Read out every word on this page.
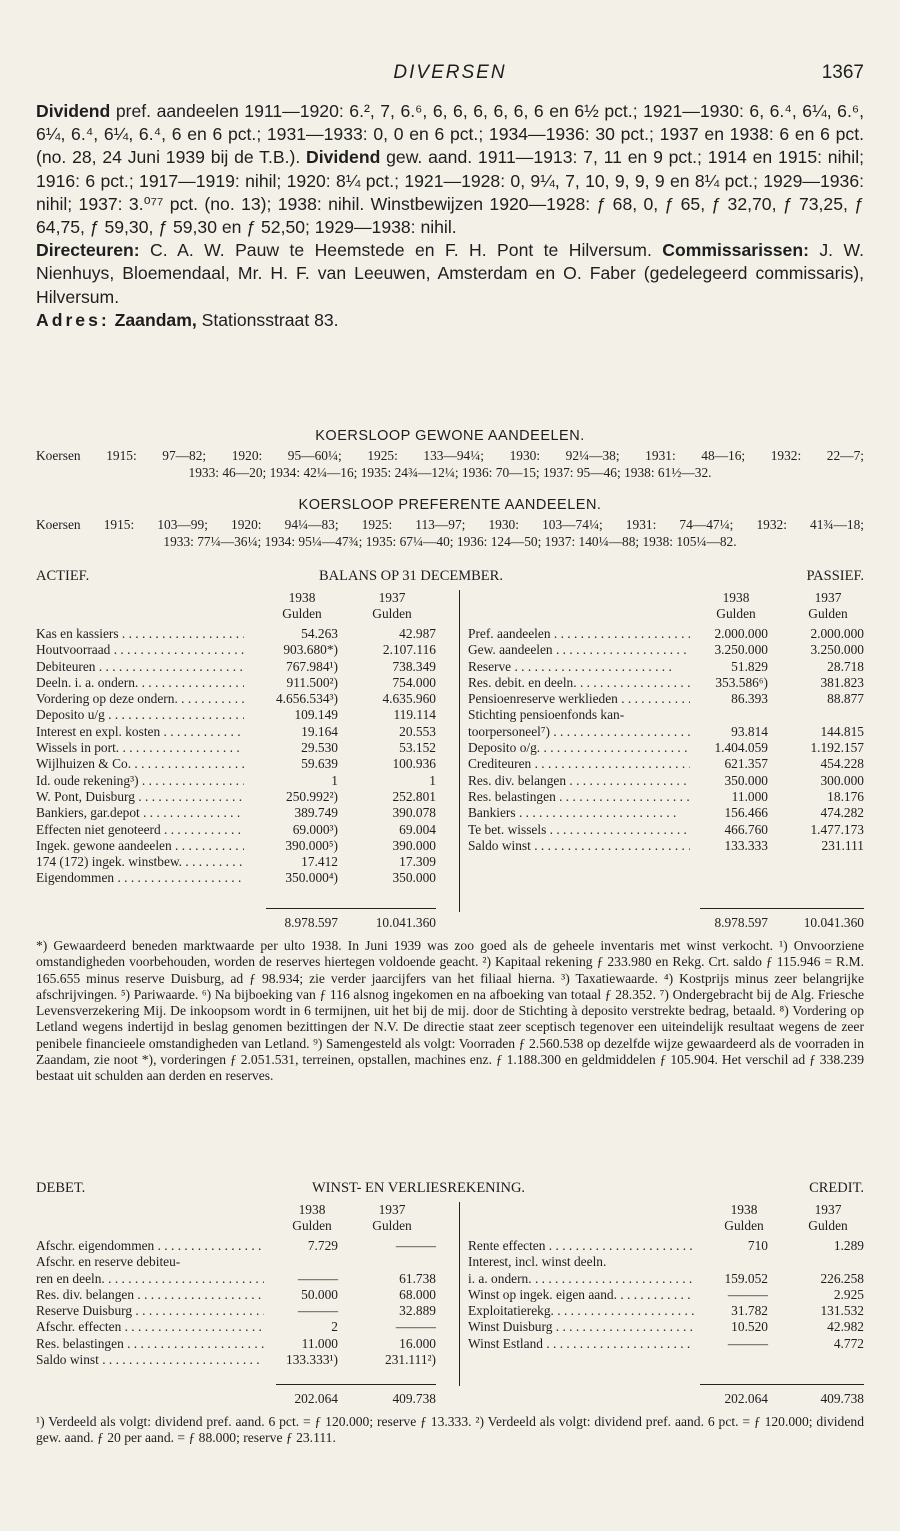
DIVERSEN	1367

Dividend pref. aandeelen 1911—1920: 6.², 7, 6.⁶, 6, 6, 6, 6, 6, 6 en 6½ pct.; 1921—1930: 6, 6.⁴, 6¼, 6.⁶, 6¼, 6.⁴, 6¼, 6.⁴, 6 en 6 pct.; 1931—1933: 0, 0 en 6 pct.; 1934—1936: 30 pct.; 1937 en 1938: 6 en 6 pct. (no. 28, 24 Juni 1939 bij de T.B.). Dividend gew. aand. 1911—1913: 7, 11 en 9 pct.; 1914 en 1915: nihil; 1916: 6 pct.; 1917—1919: nihil; 1920: 8¼ pct.; 1921—1928: 0, 9¼, 7, 10, 9, 9, 9 en 8¼ pct.; 1929—1936: nihil; 1937: 3.⁰⁷⁷ pct. (no. 13); 1938: nihil. Winstbewijzen 1920—1928: ƒ 68, 0, ƒ 65, ƒ 32,70, ƒ 73,25, ƒ 64,75, ƒ 59,30, ƒ 59,30 en ƒ 52,50; 1929—1938: nihil.

Directeuren: C. A. W. Pauw te Heemstede en F. H. Pont te Hilversum. Commissarissen: J. W. Nienhuys, Bloemendaal, Mr. H. F. van Leeuwen, Amsterdam en O. Faber (gedelegeerd commissaris), Hilversum.

Adres: Zaandam, Stationsstraat 83.

KOERSLOOP GEWONE AANDEELEN.
Koersen 1915: 97—82; 1920: 95—60¼; 1925: 133—94¼; 1930: 92¼—38; 1931: 48—16; 1932: 22—7;
1933: 46—20; 1934: 42¼—16; 1935: 24¾—12¼; 1936: 70—15; 1937: 95—46; 1938: 61½—32.
KOERSLOOP PREFERENTE AANDEELEN.
Koersen 1915: 103—99; 1920: 94¼—83; 1925: 113—97; 1930: 103—74¼; 1931: 74—47¼; 1932: 41¾—18;
1933: 77¼—36¼; 1934: 95¼—47¾; 1935: 67¼—40; 1936: 124—50; 1937: 140¼—88; 1938: 105¼—82.
ACTIEF.	BALANS OP 31 DECEMBER.	PASSIEF.
1938
Gulden
1937
Gulden
1938
Gulden
1937
Gulden
Kas en kassiers . . .	54.263	42.987
Houtvoorraad . . .	903.680*)	2.107.116
Debiteuren . . .	767.984¹)	738.349
Deeln. i. a. ondern. . . .	911.500²)	754.000
Vordering op deze ondern. . . .	4.656.534³)	4.635.960
Deposito u/g . . .	109.149	119.114
Interest en expl. kosten . . .	19.164	20.553
Wissels in port. . . .	29.530	53.152
Wijlhuizen & Co. . . .	59.639	100.936
Id. oude rekening³) . . .	1	1
W. Pont, Duisburg . . .	250.992²)	252.801
Bankiers, gar.depot . . .	389.749	390.078
Effecten niet genoteerd . . .	69.000³)	69.004
Ingek. gewone aandeelen . . .	390.000⁵)	390.000
174 (172) ingek. winstbew. . . .	17.412	17.309
Eigendommen . . .	350.000⁴)	350.000
Pref. aandeelen . . .	2.000.000	2.000.000
Gew. aandeelen . . .	3.250.000	3.250.000
Reserve . . .	51.829	28.718
Res. debit. en deeln. . . .	353.586⁶)	381.823
Pensioenreserve werklieden . . .	86.393	88.877
Stichting pensioenfonds kan-
toorpersoneel⁷) . . .	93.814	144.815
Deposito o/g. . . .	1.404.059	1.192.157
Crediteuren . . .	621.357	454.228
Res. div. belangen . . .	350.000	300.000
Res. belastingen . . .	11.000	18.176
Bankiers . . .	156.466	474.282
Te bet. wissels . . .	466.760	1.477.173
Saldo winst . . .	133.333	231.111
8.978.597	10.041.360	8.978.597	10.041.360

*) Gewaardeerd beneden marktwaarde per ulto 1938. In Juni 1939 was zoo goed als de geheele inventaris met winst verkocht. ¹) Onvoorziene omstandigheden voorbehouden, worden de reserves hiertegen voldoende geacht. ²) Kapitaal rekening ƒ 233.980 en Rekg. Crt. saldo ƒ 115.946 = R.M. 165.655 minus reserve Duisburg, ad ƒ 98.934; zie verder jaarcijfers van het filiaal hierna. ³) Taxatiewaarde. ⁴) Kostprijs minus zeer belangrijke afschrijvingen. ⁵) Pariwaarde. ⁶) Na bijboeking van ƒ 116 alsnog ingekomen en na afboeking van totaal ƒ 28.352. ⁷) Ondergebracht bij de Alg. Friesche Levensverzekering Mij. De inkoopsom wordt in 6 termijnen, uit het bij de mij. door de Stichting à deposito verstrekte bedrag, betaald. ⁸) Vordering op Letland wegens indertijd in beslag genomen bezittingen der N.V. De directie staat zeer sceptisch tegenover een uiteindelijk resultaat wegens de zeer penibele financieele omstandigheden van Letland. ⁹) Samengesteld als volgt: Voorraden ƒ 2.560.538 op dezelfde wijze gewaardeerd als de voorraden in Zaandam, zie noot *), vorderingen ƒ 2.051.531, terreinen, opstallen, machines enz. ƒ 1.188.300 en geldmiddelen ƒ 105.904. Het verschil ad ƒ 338.239 bestaat uit schulden aan derden en reserves.

DEBET.	WINST- EN VERLIESREKENING.	CREDIT.
1938
Gulden
1937
Gulden
1938
Gulden
1937
Gulden
Afschr. eigendommen . . .	7.729	———
Afschr. en reserve debiteu-
ren en deeln. . . .	———	61.738
Res. div. belangen . . .	50.000	68.000
Reserve Duisburg . . .	———	32.889
Afschr. effecten . . .	2	———
Res. belastingen . . .	11.000	16.000
Saldo winst . . .	133.333¹)	231.111²)
Rente effecten . . .	710	1.289
Interest, incl. winst deeln.
i. a. ondern. . . .	159.052	226.258
Winst op ingek. eigen aand. . . .	———	2.925
Exploitatierekg. . . .	31.782	131.532
Winst Duisburg . . .	10.520	42.982
Winst Estland . . .	———	4.772
202.064	409.738	202.064	409.738

¹) Verdeeld als volgt: dividend pref. aand. 6 pct. = ƒ 120.000; reserve ƒ 13.333. ²) Verdeeld als volgt: dividend pref. aand. 6 pct. = ƒ 120.000; dividend gew. aand. ƒ 20 per aand. = ƒ 88.000; reserve ƒ 23.111.
